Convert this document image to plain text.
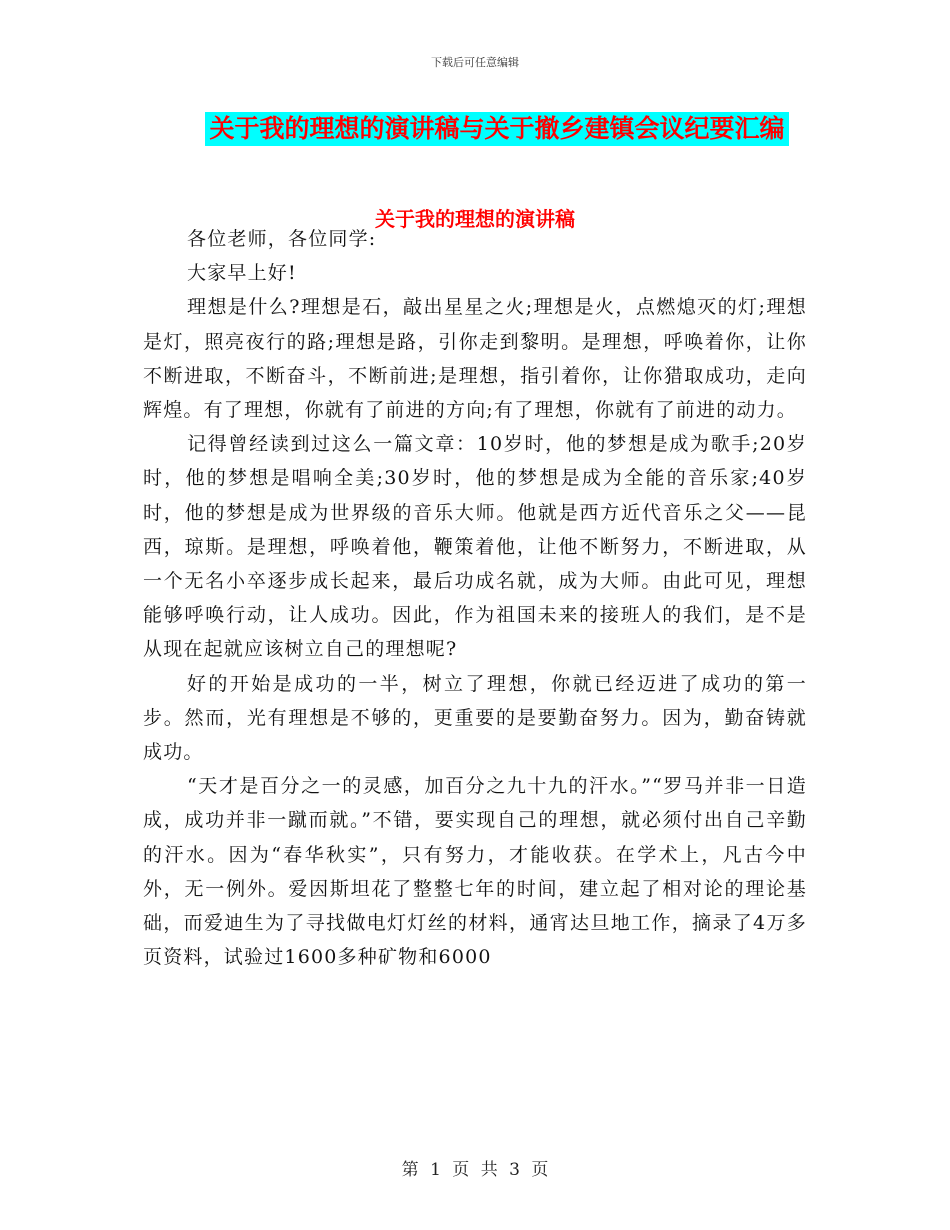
下载后可任意编辑
关于我的理想的演讲稿与关于撤乡建镇会议纪要汇编
关于我的理想的演讲稿

各位老师，各位同学:

大家早上好!

理想是什么?理想是石，敲出星星之火;理想是火，点燃熄灭的灯;理想是灯，照亮夜行的路;理想是路，引你走到黎明。是理想，呼唤着你，让你不断进取，不断奋斗，不断前进;是理想，指引着你，让你猎取成功，走向辉煌。有了理想，你就有了前进的方向;有了理想，你就有了前进的动力。

记得曾经读到过这么一篇文章：10岁时，他的梦想是成为歌手;20岁时，他的梦想是唱响全美;30岁时，他的梦想是成为全能的音乐家;40岁时，他的梦想是成为世界级的音乐大师。他就是西方近代音乐之父——昆西，琼斯。是理想，呼唤着他，鞭策着他，让他不断努力，不断进取，从一个无名小卒逐步成长起来，最后功成名就，成为大师。由此可见，理想能够呼唤行动，让人成功。因此，作为祖国未来的接班人的我们，是不是从现在起就应该树立自己的理想呢?

好的开始是成功的一半，树立了理想，你就已经迈进了成功的第一步。然而，光有理想是不够的，更重要的是要勤奋努力。因为，勤奋铸就成功。

“天才是百分之一的灵感，加百分之九十九的汗水。”“罗马并非一日造成，成功并非一蹴而就。”不错，要实现自己的理想，就必须付出自己辛勤的汗水。因为“春华秋实”，只有努力，才能收获。在学术上，凡古今中外，无一例外。爱因斯坦花了整整七年的时间，建立起了相对论的理论基础，而爱迪生为了寻找做电灯灯丝的材料，通宵达旦地工作，摘录了4万多页资料，试验过1600多种矿物和6000

第 1 页 共 3 页
